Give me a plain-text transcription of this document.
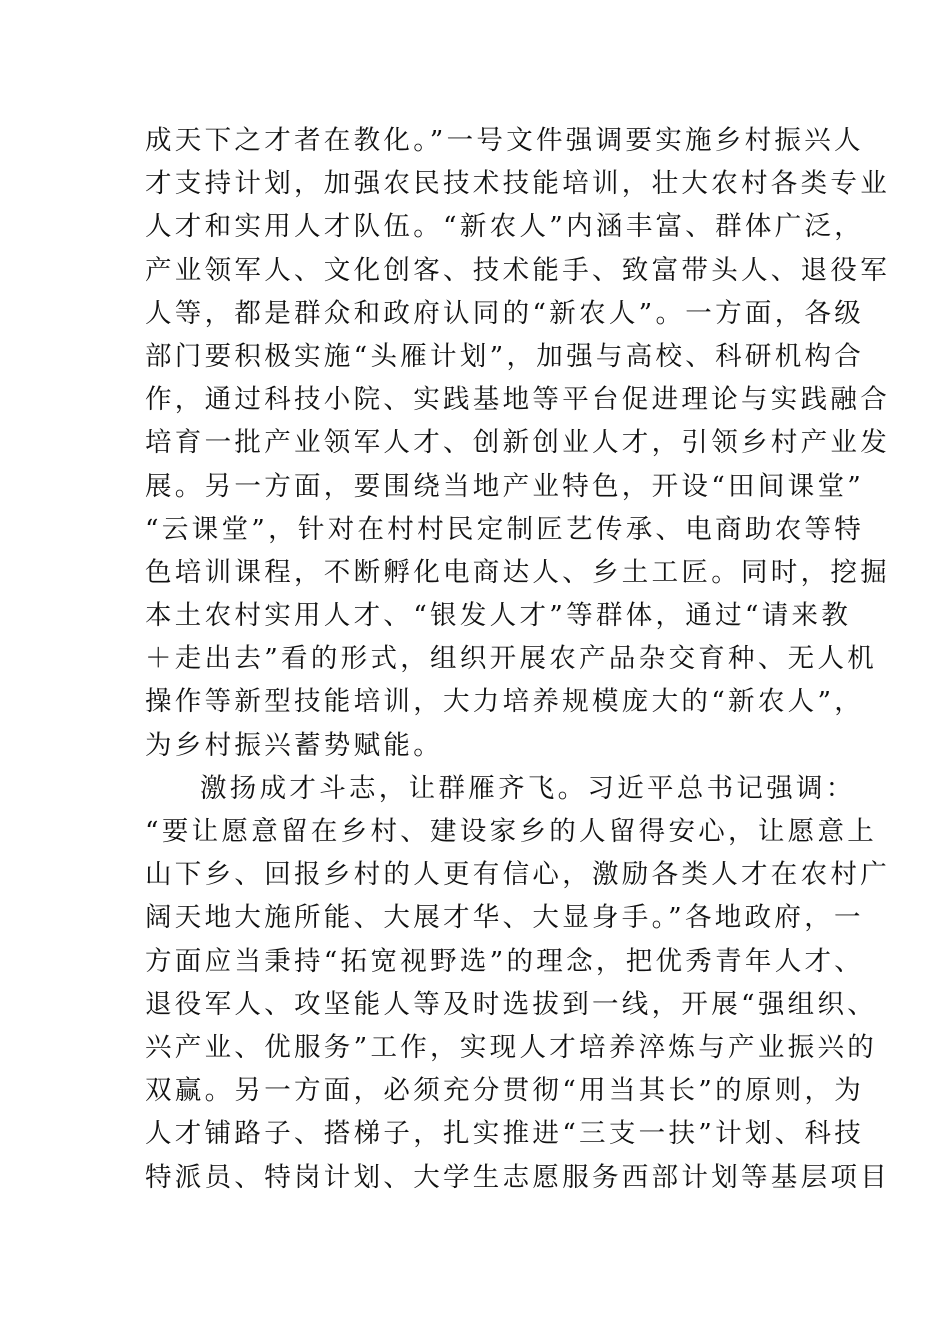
成天下之才者在教化。”一号文件强调要实施乡村振兴人
才支持计划，加强农民技术技能培训，壮大农村各类专业
人才和实用人才队伍。“新农人”内涵丰富、群体广泛，
产业领军人、文化创客、技术能手、致富带头人、退役军
人等，都是群众和政府认同的“新农人”。一方面，各级
部门要积极实施“头雁计划”，加强与高校、科研机构合
作，通过科技小院、实践基地等平台促进理论与实践融合
培育一批产业领军人才、创新创业人才，引领乡村产业发
展。另一方面，要围绕当地产业特色，开设“田间课堂”
“云课堂”，针对在村村民定制匠艺传承、电商助农等特
色培训课程，不断孵化电商达人、乡土工匠。同时，挖掘
本土农村实用人才、“银发人才”等群体，通过“请来教
＋走出去”看的形式，组织开展农产品杂交育种、无人机
操作等新型技能培训，大力培养规模庞大的“新农人”，
为乡村振兴蓄势赋能。
激扬成才斗志，让群雁齐飞。习近平总书记强调：
“要让愿意留在乡村、建设家乡的人留得安心，让愿意上
山下乡、回报乡村的人更有信心，激励各类人才在农村广
阔天地大施所能、大展才华、大显身手。”各地政府，一
方面应当秉持“拓宽视野选”的理念，把优秀青年人才、
退役军人、攻坚能人等及时选拔到一线，开展“强组织、
兴产业、优服务”工作，实现人才培养淬炼与产业振兴的
双赢。另一方面，必须充分贯彻“用当其长”的原则，为
人才铺路子、搭梯子，扎实推进“三支一扶”计划、科技
特派员、特岗计划、大学生志愿服务西部计划等基层项目
